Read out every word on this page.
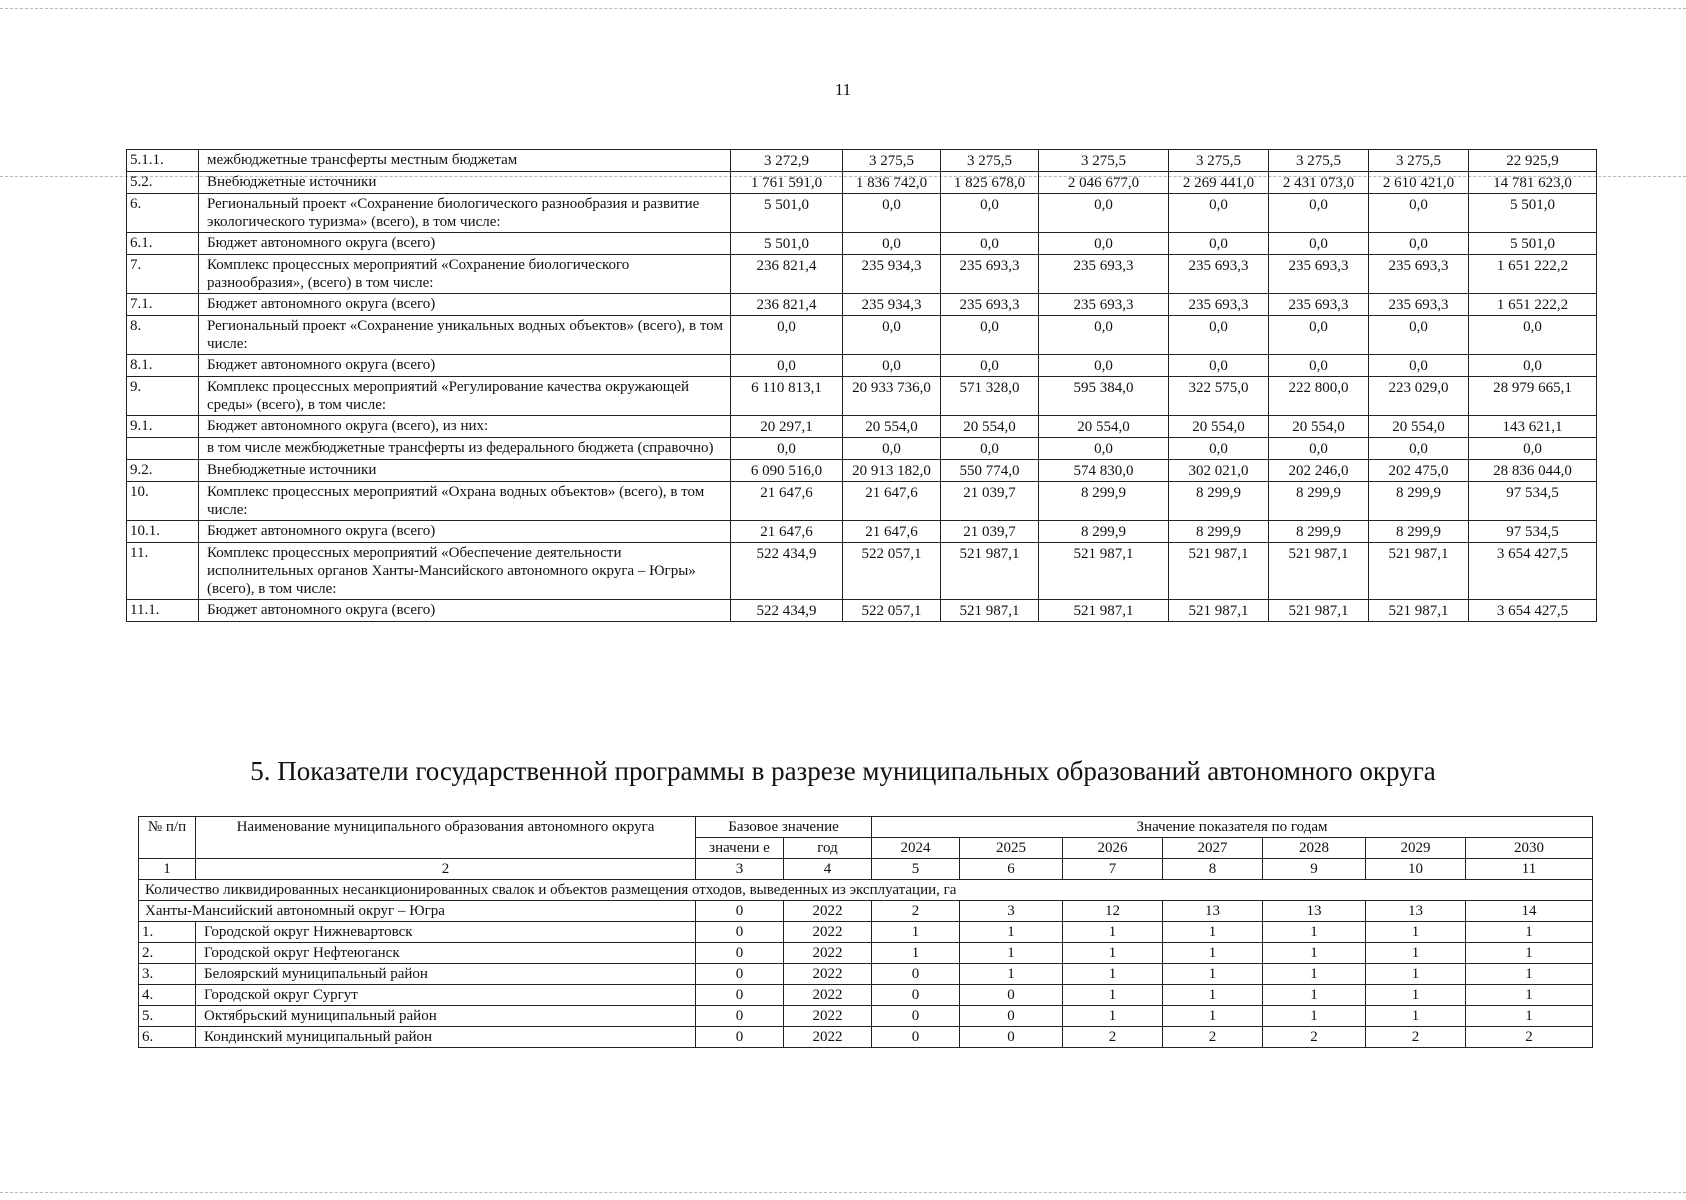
11
5.1.1.	межбюджетные трансферты местным бюджетам	3 272,9	3 275,5	3 275,5	3 275,5	3 275,5	3 275,5	3 275,5	22 925,9
5.2.	Внебюджетные источники	1 761 591,0	1 836 742,0	1 825 678,0	2 046 677,0	2 269 441,0	2 431 073,0	2 610 421,0	14 781 623,0
6.	Региональный проект «Сохранение биологического разнообразия и развитие экологического туризма» (всего), в том числе:	5 501,0	0,0	0,0	0,0	0,0	0,0	0,0	5 501,0
6.1.	Бюджет автономного округа (всего)	5 501,0	0,0	0,0	0,0	0,0	0,0	0,0	5 501,0
7.	Комплекс процессных мероприятий «Сохранение биологического разнообразия», (всего) в том числе:	236 821,4	235 934,3	235 693,3	235 693,3	235 693,3	235 693,3	235 693,3	1 651 222,2
7.1.	Бюджет автономного округа (всего)	236 821,4	235 934,3	235 693,3	235 693,3	235 693,3	235 693,3	235 693,3	1 651 222,2
8.	Региональный проект «Сохранение уникальных водных объектов» (всего), в том числе:	0,0	0,0	0,0	0,0	0,0	0,0	0,0	0,0
8.1.	Бюджет автономного округа (всего)	0,0	0,0	0,0	0,0	0,0	0,0	0,0	0,0
9.	Комплекс процессных мероприятий «Регулирование качества окружающей среды» (всего), в том числе:	6 110 813,1	20 933 736,0	571 328,0	595 384,0	322 575,0	222 800,0	223 029,0	28 979 665,1
9.1.	Бюджет автономного округа (всего), из них:	20 297,1	20 554,0	20 554,0	20 554,0	20 554,0	20 554,0	20 554,0	143 621,1
	в том числе межбюджетные трансферты из федерального бюджета (справочно)	0,0	0,0	0,0	0,0	0,0	0,0	0,0	0,0
9.2.	Внебюджетные источники	6 090 516,0	20 913 182,0	550 774,0	574 830,0	302 021,0	202 246,0	202 475,0	28 836 044,0
10.	Комплекс процессных мероприятий «Охрана водных объектов» (всего), в том числе:	21 647,6	21 647,6	21 039,7	8 299,9	8 299,9	8 299,9	8 299,9	97 534,5
10.1.	Бюджет автономного округа (всего)	21 647,6	21 647,6	21 039,7	8 299,9	8 299,9	8 299,9	8 299,9	97 534,5
11.	Комплекс процессных мероприятий «Обеспечение деятельности исполнительных органов Ханты-Мансийского автономного округа – Югры» (всего), в том числе:	522 434,9	522 057,1	521 987,1	521 987,1	521 987,1	521 987,1	521 987,1	3 654 427,5
11.1.	Бюджет автономного округа (всего)	522 434,9	522 057,1	521 987,1	521 987,1	521 987,1	521 987,1	521 987,1	3 654 427,5
5. Показатели государственной программы в разрезе муниципальных образований автономного округа
№ п/п	Наименование муниципального образования автономного округа	Базовое значение		Значение показателя по годам						
		значени е	год	2024	2025	2026	2027	2028	2029	2030
1	2	3	4	5	6	7	8	9	10	11
Количество ликвидированных несанкционированных свалок и объектов размещения отходов, выведенных из эксплуатации, га										
Ханты-Мансийский автономный округ – Югра		0	2022	2	3	12	13	13	13	14
1.	Городской округ Нижневартовск	0	2022	1	1	1	1	1	1	1
2.	Городской округ Нефтеюганск	0	2022	1	1	1	1	1	1	1
3.	Белоярский муниципальный район	0	2022	0	1	1	1	1	1	1
4.	Городской округ Сургут	0	2022	0	0	1	1	1	1	1
5.	Октябрьский муниципальный район	0	2022	0	0	1	1	1	1	1
6.	Кондинский муниципальный район	0	2022	0	0	2	2	2	2	2
